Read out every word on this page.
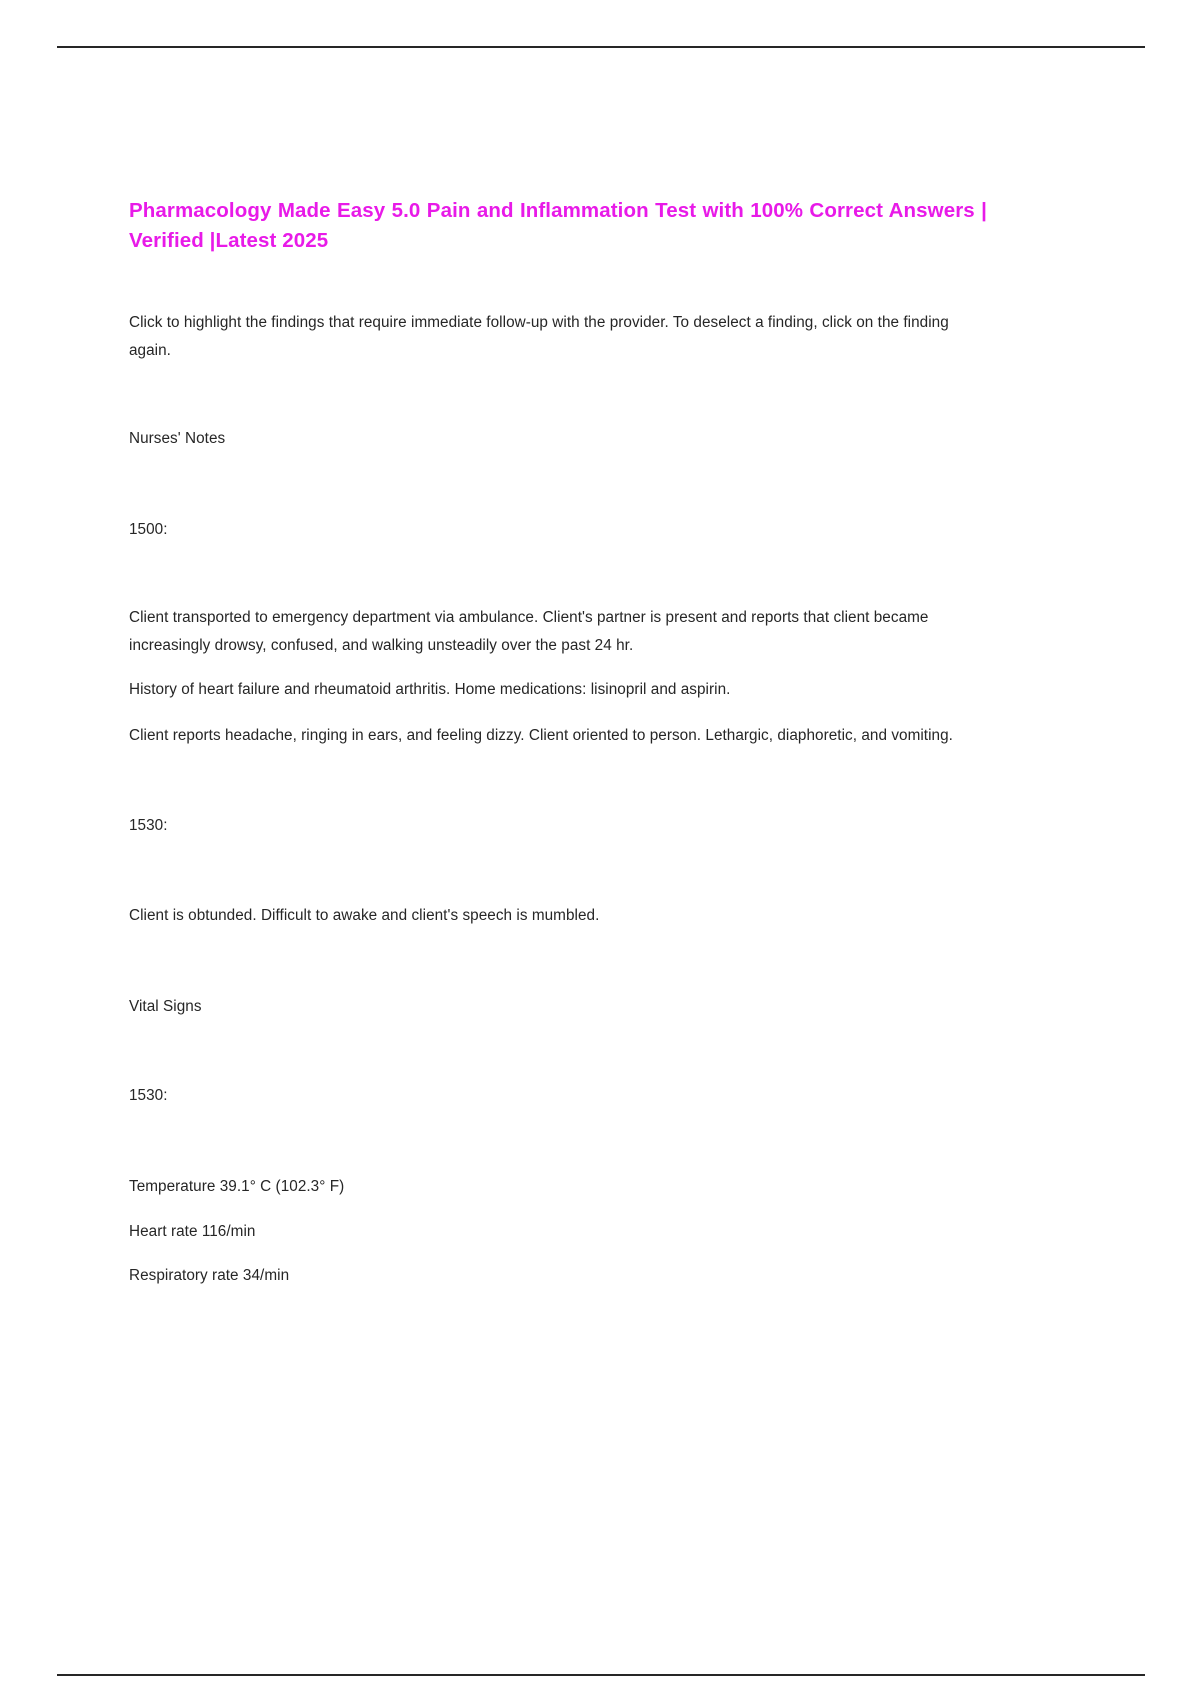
Pharmacology Made Easy 5.0 Pain and Inflammation Test with 100% Correct Answers | Verified |Latest 2025

Click to highlight the findings that require immediate follow-up with the provider. To deselect a finding, click on the finding again.

Nurses' Notes

1500:

Client transported to emergency department via ambulance. Client's partner is present and reports that client became increasingly drowsy, confused, and walking unsteadily over the past 24 hr.

History of heart failure and rheumatoid arthritis. Home medications: lisinopril and aspirin.

Client reports headache, ringing in ears, and feeling dizzy. Client oriented to person. Lethargic, diaphoretic, and vomiting.

1530:

Client is obtunded. Difficult to awake and client's speech is mumbled.

Vital Signs

1530:

Temperature 39.1° C (102.3° F)

Heart rate 116/min

Respiratory rate 34/min
